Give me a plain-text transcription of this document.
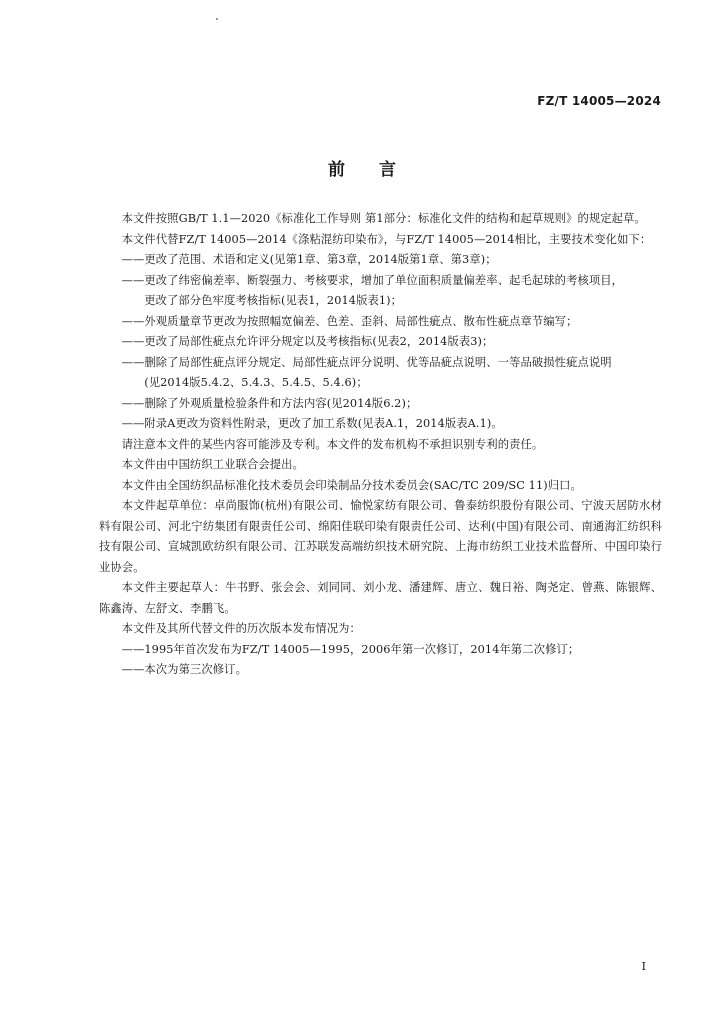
FZ/T 14005—2024
前言

本文件按照GB/T 1.1—2020《标准化工作导则 第1部分：标准化文件的结构和起草规则》的规定起草。

本文件代替FZ/T 14005—2014《涤粘混纺印染布》，与FZ/T 14005—2014相比，主要技术变化如下：

——更改了范围、术语和定义(见第1章、第3章，2014版第1章、第3章)；

——更改了纬密偏差率、断裂强力、考核要求，增加了单位面积质量偏差率、起毛起球的考核项目，
更改了部分色牢度考核指标(见表1，2014版表1)；

——外观质量章节更改为按照幅宽偏差、色差、歪斜、局部性疵点、散布性疵点章节编写；

——更改了局部性疵点允许评分规定以及考核指标(见表2，2014版表3)；

——删除了局部性疵点评分规定、局部性疵点评分说明、优等品疵点说明、一等品破损性疵点说明
(见2014版5.4.2、5.4.3、5.4.5、5.4.6)；

——删除了外观质量检验条件和方法内容(见2014版6.2)；

——附录A更改为资料性附录，更改了加工系数(见表A.1，2014版表A.1)。

请注意本文件的某些内容可能涉及专利。本文件的发布机构不承担识别专利的责任。

本文件由中国纺织工业联合会提出。

本文件由全国纺织品标准化技术委员会印染制品分技术委员会(SAC/TC 209/SC 11)归口。

本文件起草单位：卓尚服饰(杭州)有限公司、愉悦家纺有限公司、鲁泰纺织股份有限公司、宁波天居防水材料有限公司、河北宁纺集团有限责任公司、绵阳佳联印染有限责任公司、达利(中国)有限公司、南通海汇纺织科技有限公司、宣城凯欧纺织有限公司、江苏联发高端纺织技术研究院、上海市纺织工业技术监督所、中国印染行业协会。

本文件主要起草人：牛书野、张会会、刘同同、刘小龙、潘建辉、唐立、魏日裕、陶尧定、曾燕、陈银辉、陈鑫涛、左舒文、李鹏飞。

本文件及其所代替文件的历次版本发布情况为：

——1995年首次发布为FZ/T 14005—1995，2006年第一次修订，2014年第二次修订；

——本次为第三次修订。

I
